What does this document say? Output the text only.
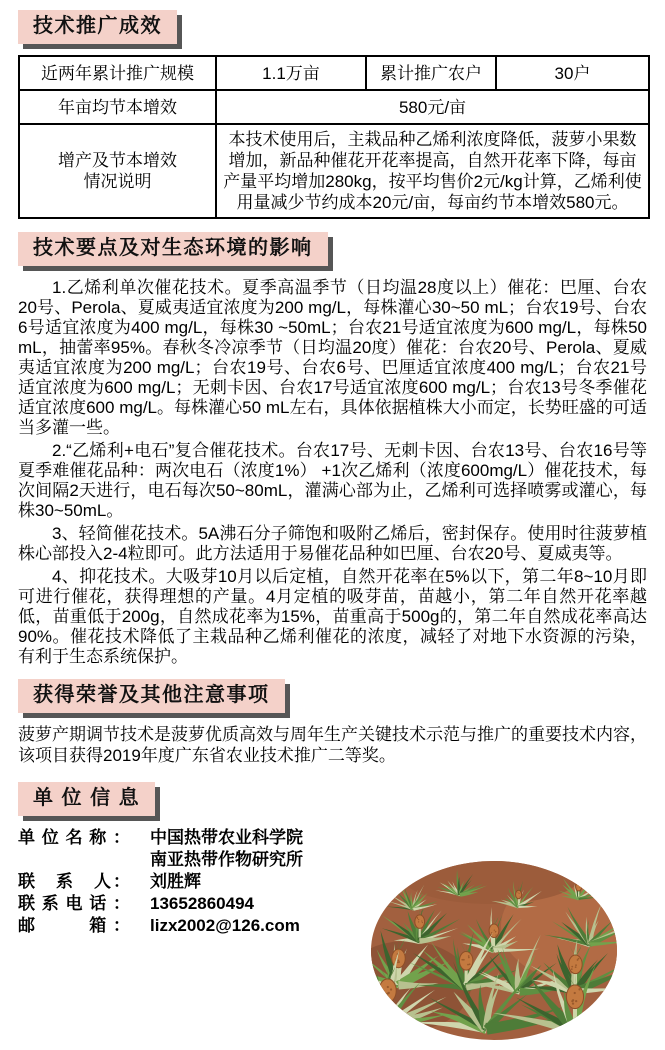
技术推广成效
近两年累计推广规模	1.1万亩	累计推广农户	30户
年亩均节本增效	580元/亩		
增产及节本增效
情况说明	本技术使用后，主栽品种乙烯利浓度降低，菠萝小果数增加，新品种催花开花率提高，自然开花率下降，每亩产量平均增加280kg，按平均售价2元/kg计算，乙烯利使用量减少节约成本20元/亩，每亩约节本增效580元。		
技术要点及对生态环境的影响

1.乙烯利单次催花技术。夏季高温季节（日均温28度以上）催花：巴厘、台农20号、Perola、夏威夷适宜浓度为200 mg/L，每株灌心30~50 mL；台农19号、台农6号适宜浓度为400 mg/L，每株30 ~50mL；台农21号适宜浓度为600 mg/L，每株50 mL，抽蕾率95%。春秋冬冷凉季节（日均温20度）催花：台农20号、Perola、夏威夷适宜浓度为200 mg/L；台农19号、台农6号、巴厘适宜浓度400 mg/L；台农21号适宜浓度为600 mg/L；无刺卡因、台农17号适宜浓度600 mg/L；台农13号冬季催花适宜浓度600 mg/L。每株灌心50 mL左右，具体依据植株大小而定，长势旺盛的可适当多灌一些。

2.“乙烯利+电石”复合催花技术。台农17号、无刺卡因、台农13号、台农16号等夏季难催花品种：两次电石（浓度1%） +1次乙烯利（浓度600mg/L）催花技术，每次间隔2天进行，电石每次50~80mL，灌满心部为止，乙烯利可选择喷雾或灌心，每株30~50mL。

3、轻简催花技术。5A沸石分子筛饱和吸附乙烯后，密封保存。使用时往菠萝植株心部投入2-4粒即可。此方法适用于易催花品种如巴厘、台农20号、夏威夷等。

4、抑花技术。大吸芽10月以后定植，自然开花率在5%以下，第二年8~10月即可进行催花，获得理想的产量。4月定植的吸芽苗，苗越小，第二年自然开花率越低，苗重低于200g，自然成花率为15%，苗重高于500g的，第二年自然成花率高达90%。催花技术降低了主栽品种乙烯利催花的浓度，减轻了对地下水资源的污染，有利于生态系统保护。

获得荣誉及其他注意事项

菠萝产期调节技术是菠萝优质高效与周年生产关键技术示范与推广的重要技术内容，该项目获得2019年度广东省农业技术推广二等奖。

单 位 信 息
单位名称： 中国热带农业科学院
南亚热带作物研究所
联　系　人： 刘胜辉
联系电话： 13652860494
邮　　箱： lizx2002@126.com
